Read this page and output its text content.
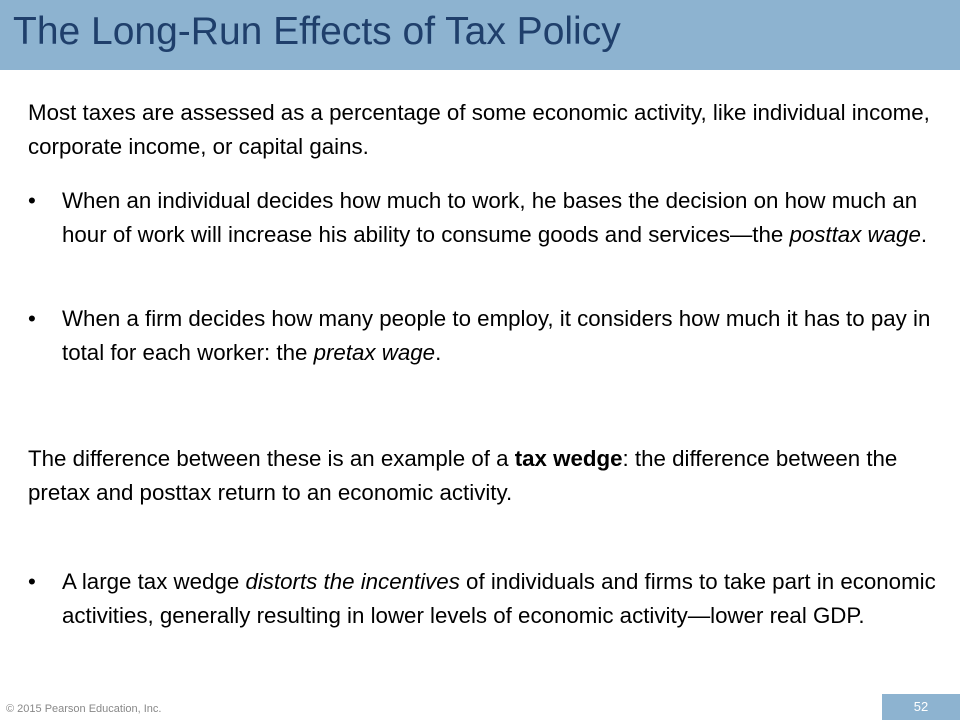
The Long-Run Effects of Tax Policy

Most taxes are assessed as a percentage of some economic activity, like individual income, corporate income, or capital gains.

•	When an individual decides how much to work, he bases the decision on how much an hour of work will increase his ability to consume goods and services—the posttax wage.
•	When a firm decides how many people to employ, it considers how much it has to pay in total for each worker: the pretax wage.

The difference between these is an example of a tax wedge: the difference between the pretax and posttax return to an economic activity.

•	A large tax wedge distorts the incentives of individuals and firms to take part in economic activities, generally resulting in lower levels of economic activity—lower real GDP.
© 2015 Pearson Education, Inc.	52
